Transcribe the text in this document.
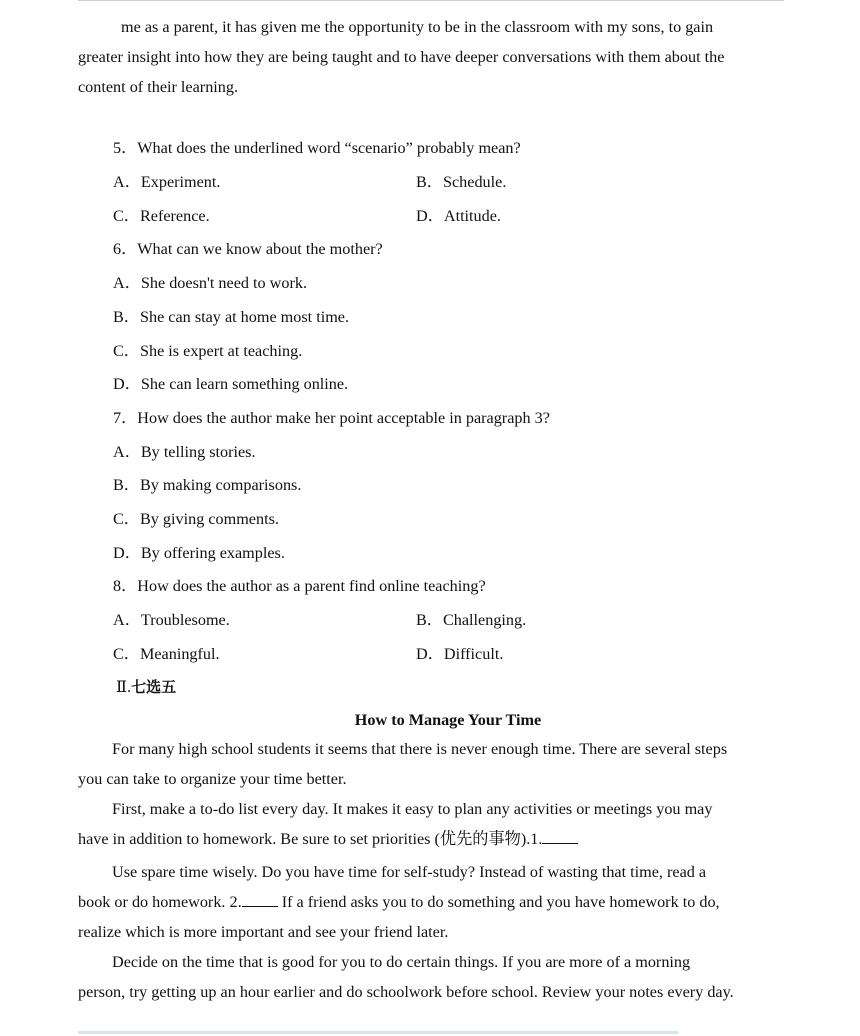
me as a parent, it has given me the opportunity to be in the classroom with my sons, to gain
greater insight into how they are being taught and to have deeper conversations with them about the
content of their learning.
5．What does the underlined word “scenario” probably mean?
A．Experiment.	B．Schedule.
C．Reference.	D．Attitude.
6．What can we know about the mother?
A．She doesn't need to work.
B．She can stay at home most time.
C．She is expert at teaching.
D．She can learn something online.
7．How does the author make her point acceptable in paragraph 3?
A．By telling stories.
B．By making comparisons.
C．By giving comments.
D．By offering examples.
8．How does the author as a parent find online teaching?
A．Troublesome.	B．Challenging.
C．Meaningful.	D．Difficult.
Ⅱ.七选五
How to Manage Your Time
For many high school students it seems that there is never enough time. There are several steps
you can take to organize your time better.
First, make a to-do list every day. It makes it easy to plan any activities or meetings you may
have in addition to homework. Be sure to set priorities (优先的事物).1.
Use spare time wisely. Do you have time for self-study? Instead of wasting that time, read a
book or do homework. 2. If a friend asks you to do something and you have homework to do,
realize which is more important and see your friend later.
Decide on the time that is good for you to do certain things. If you are more of a morning
person, try getting up an hour earlier and do schoolwork before school. Review your notes every day.
